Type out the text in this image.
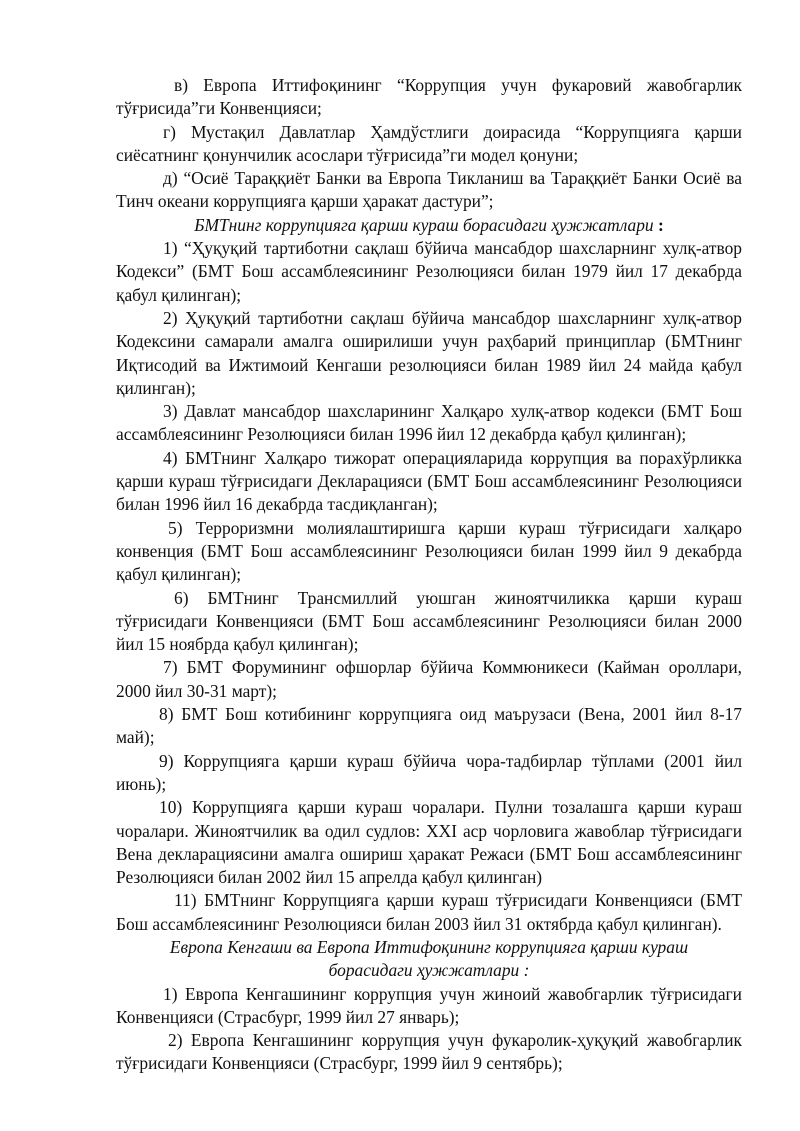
в) Европа Иттифоқининг “Коррупция учун фукаровий жавобгарлик тўғрисида”ги Конвенцияси;

г) Мустақил Давлатлар Ҳамдўстлиги доирасида “Коррупцияга қарши сиёсатнинг қонунчилик асослари тўғрисида”ги модел қонуни;

д) “Осиё Тараққиёт Банки ва Европа Тикланиш ва Тараққиёт Банки Осиё ва Тинч океани коррупцияга қарши ҳаракат дастури”;

БМТнинг коррупцияга қарши кураш борасидаги ҳужжатлари :

1) “Ҳуқуқий тартиботни сақлаш бўйича мансабдор шахсларнинг хулқ-атвор Кодекси” (БМТ Бош ассамблеясининг Резолюцияси билан 1979 йил 17 декабрда қабул қилинган);

2) Ҳуқуқий тартиботни сақлаш бўйича мансабдор шахсларнинг хулқ-атвор Кодексини самарали амалга оширилиши учун раҳбарий принциплар (БМТнинг Иқтисодий ва Ижтимоий Кенгаши резолюцияси билан 1989 йил 24 майда қабул қилинган);

3) Давлат мансабдор шахсларининг Халқаро хулқ-атвор кодекси (БМТ Бош ассамблеясининг Резолюцияси билан 1996 йил 12 декабрда қабул қилинган);

4) БМТнинг Халқаро тижорат операцияларида коррупция ва порахўрликка қарши кураш тўғрисидаги Декларацияси (БМТ Бош ассамблеясининг Резолюцияси билан 1996 йил 16 декабрда тасдиқланган);

5) Терроризмни молиялаштиришга қарши кураш тўғрисидаги халқаро конвенция (БМТ Бош ассамблеясининг Резолюцияси билан 1999 йил 9 декабрда қабул қилинган);

6) БМТнинг Трансмиллий уюшган жиноятчиликка қарши кураш тўғрисидаги Конвенцияси (БМТ Бош ассамблеясининг Резолюцияси билан 2000 йил 15 ноябрда қабул қилинган);

7) БМТ Форумининг офшорлар бўйича Коммюникеси (Кайман ороллари, 2000 йил 30-31 март);

8) БМТ Бош котибининг коррупцияга оид маърузаси (Вена, 2001 йил 8-17 май);

9) Коррупцияга қарши кураш бўйича чора-тадбирлар тўплами (2001 йил июнь);

10) Коррупцияга қарши кураш чоралари. Пулни тозалашга қарши кураш чоралари. Жиноятчилик ва одил судлов: XXI аср чорловига жавоблар тўғрисидаги Вена декларациясини амалга ошириш ҳаракат Режаси (БМТ Бош ассамблеясининг Резолюцияси билан 2002 йил 15 апрелда қабул қилинган)

11) БМТнинг Коррупцияга қарши кураш тўғрисидаги Конвенцияси (БМТ Бош ассамблеясининг Резолюцияси билан 2003 йил 31 октябрда қабул қилинган).

Европа Кенгаши ва Европа Иттифоқининг коррупцияга қарши кураш
борасидаги ҳужжатлари :

1) Европа Кенгашининг коррупция учун жиноий жавобгарлик тўғрисидаги Конвенцияси (Страсбург, 1999 йил 27 январь);

2) Европа Кенгашининг коррупция учун фукаролик-ҳуқуқий жавобгарлик тўғрисидаги Конвенцияси (Страсбург, 1999 йил 9 сентябрь);
